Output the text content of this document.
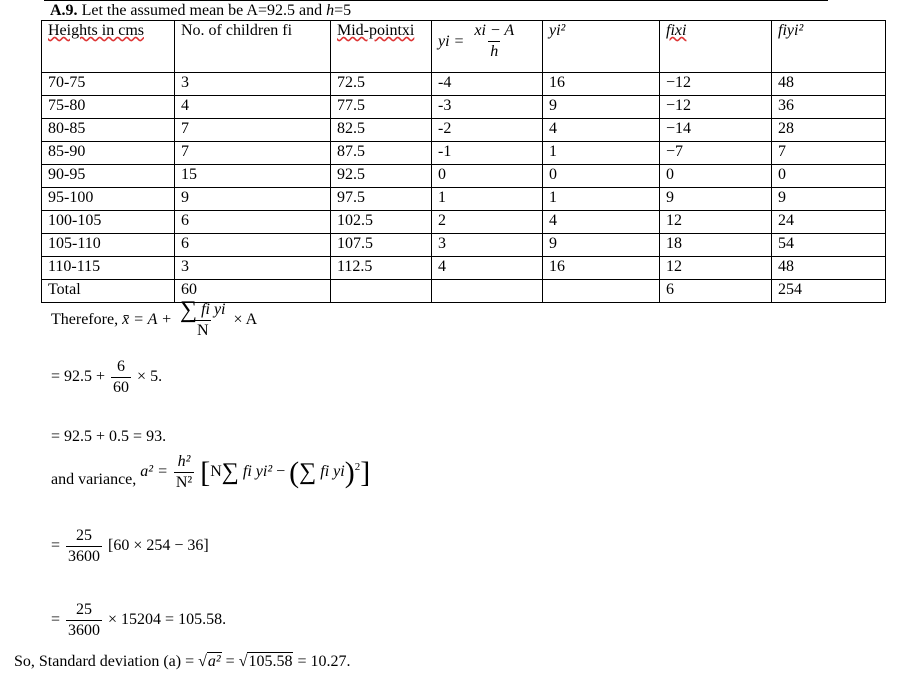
A.9. Let the assumed mean be A=92.5 and h=5
Heights in cms	No. of children fi	Mid-pointxi	yi = $\frac{xi - A}{h}$	yi²	fixi	fiyi²
70-75	3	72.5	-4	16	−12	48
75-80	4	77.5	-3	9	−12	36
80-85	7	82.5	-2	4	−14	28
85-90	7	87.5	-1	1	−7	7
90-95	15	92.5	0	0	0	0
95-100	9	97.5	1	1	9	9
100-105	6	102.5	2	4	12	24
105-110	6	107.5	3	9	18	54
110-115	3	112.5	4	16	12	48
Total	60				6	254
Therefore, x̄ = $A + \frac{\text{∑ fi yi}}{N} \times A$
= $92.5 + \frac{6}{60} \times 5$.
= 92.5 + 0.5 = 93.
and variance, $a^2 = \frac{\text{h²}}{\text{N²}} [N\sum$ fi yi² − (∑ fi yi)$^2$]
= $\frac{25}{3600} [60 \times 254 - 36]$
= $\frac{25}{3600} \times 15204 = 105.58$.
So, Standard deviation (a) = √a² = √105.58 = 10.27.
